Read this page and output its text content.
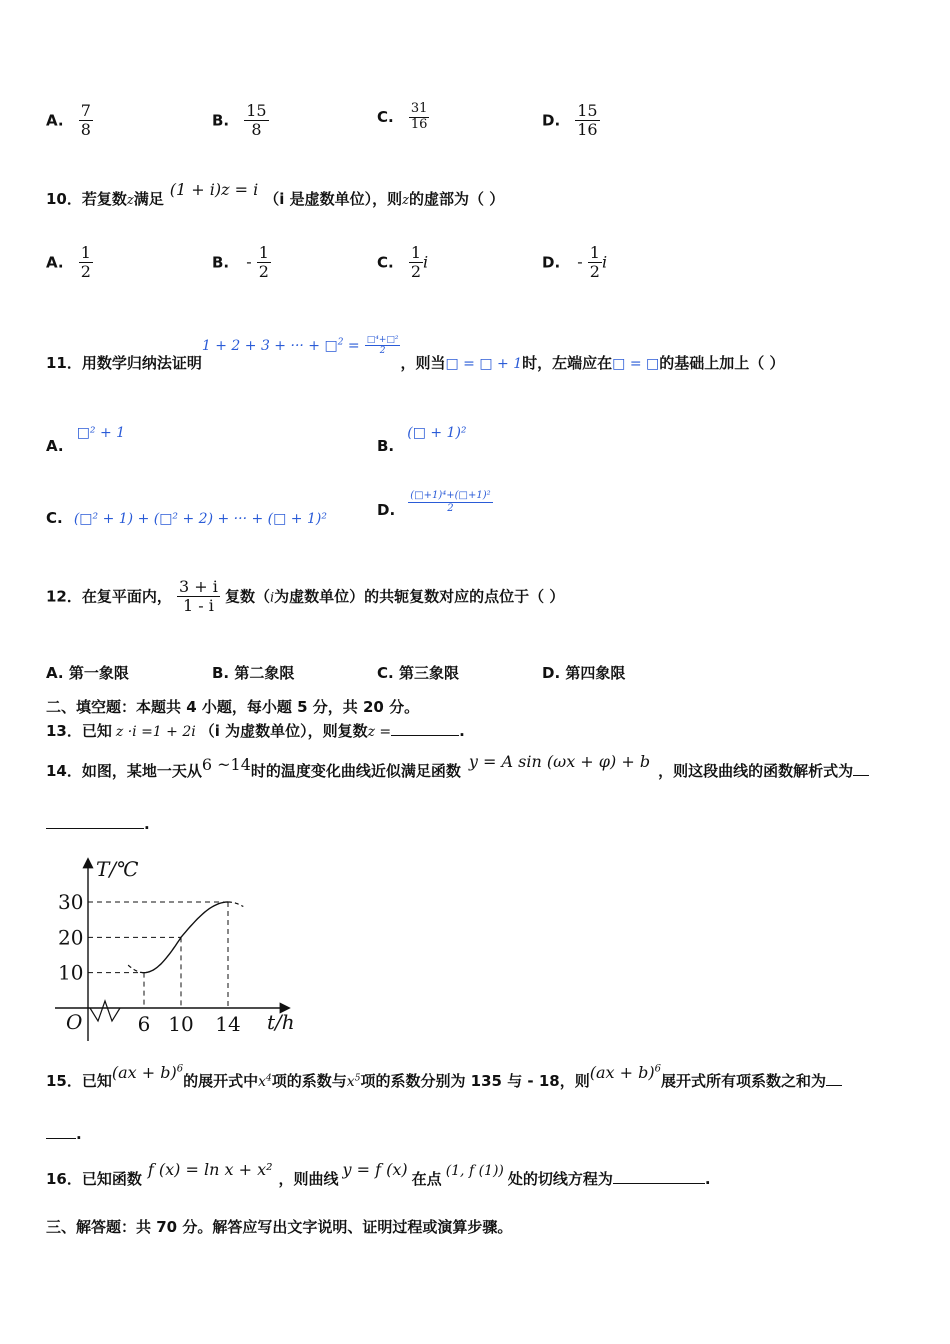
A. $\frac{7}{8}$	B. $\frac{15}{8}$	C. $\frac{31}{16}$	D. $\frac{15}{16}$
10．若复数z满足 (1 + i)z = i （i 是虚数单位），则z的虚部为（ ）
A. $\frac{1}{2}$	B. - $\frac{1}{2}$	C. $\frac{1}{2}$ i	D. - $\frac{1}{2}$ i
11．用数学归纳法证明1 + 2 + 3 + ··· + □$^2$ = $\frac{\text{□⁴+□²}}{2}$
，则当□ = □ + 1时，左端应在□ = □的基础上加上（ ）
A. □² + 1
B. (□ + 1)²
C. (□² + 1) + (□² + 2) + ··· + (□ + 1)²
D. $\frac{\text{(□+1)⁴+(□+1)²}}{2}$
12．在复平面内， $\frac{3 + i}{1 - i}$ 复数（i为虚数单位）的共轭复数对应的点位于（ ）
A. 第一象限	B. 第二象限	C. 第三象限	D. 第四象限
二、填空题：本题共 4 小题，每小题 5 分，共 20 分。
13．已知 z ·i =1 + 2i （i 为虚数单位），则复数z =	.
14．如图，某地一天从6 ~14时的温度变化曲线近似满足函数 y = A sin (ωx + φ) + b ，则这段曲线的函数解析式为
.
T/℃
t/h
O
10
20
30
6 10 14
15．已知(ax + b)$^6$的展开式中$x^4$项的系数与$x^5$项的系数分别为 135 与 - 18，则(ax + b)$^6$展开式所有项系数之和为
.
16．已知函数 f (x) = ln x + x² ，则曲线 y = f (x) 在点 (1, f (1)) 处的切线方程为	.
三、解答题：共 70 分。解答应写出文字说明、证明过程或演算步骤。
